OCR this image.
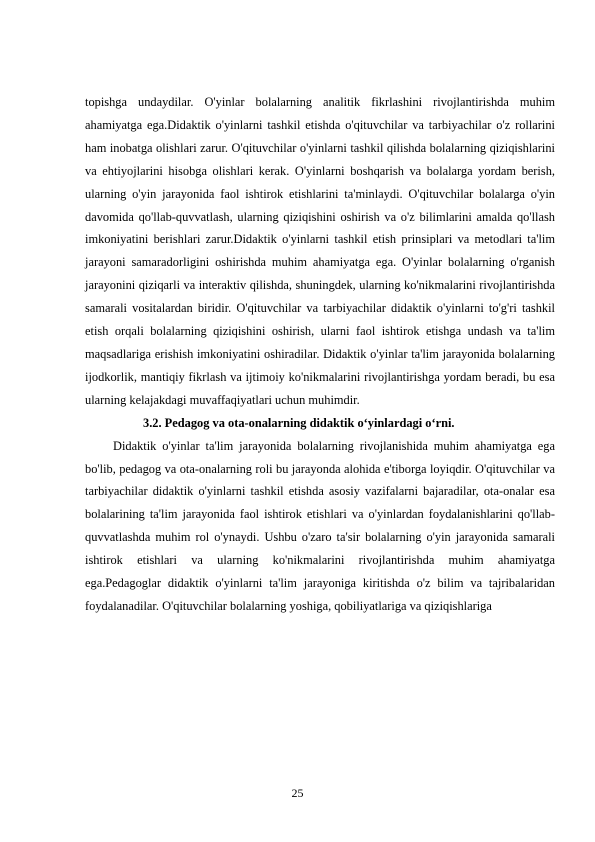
topishga undaydilar. O'yinlar bolalarning analitik fikrlashini rivojlantirishda muhim ahamiyatga ega.Didaktik o'yinlarni tashkil etishda o'qituvchilar va tarbiyachilar o'z rollarini ham inobatga olishlari zarur. O'qituvchilar o'yinlarni tashkil qilishda bolalarning qiziqishlarini va ehtiyojlarini hisobga olishlari kerak. O'yinlarni boshqarish va bolalarga yordam berish, ularning o'yin jarayonida faol ishtirok etishlarini ta'minlaydi. O'qituvchilar bolalarga o'yin davomida qo'llab-quvvatlash, ularning qiziqishini oshirish va o'z bilimlarini amalda qo'llash imkoniyatini berishlari zarur.Didaktik o'yinlarni tashkil etish prinsiplari va metodlari ta'lim jarayoni samaradorligini oshirishda muhim ahamiyatga ega. O'yinlar bolalarning o'rganish jarayonini qiziqarli va interaktiv qilishda, shuningdek, ularning ko'nikmalarini rivojlantirishda samarali vositalardan biridir. O'qituvchilar va tarbiyachilar didaktik o'yinlarni to'g'ri tashkil etish orqali bolalarning qiziqishini oshirish, ularni faol ishtirok etishga undash va ta'lim maqsadlariga erishish imkoniyatini oshiradilar. Didaktik o'yinlar ta'lim jarayonida bolalarning ijodkorlik, mantiqiy fikrlash va ijtimoiy ko'nikmalarini rivojlantirishga yordam beradi, bu esa ularning kelajakdagi muvaffaqiyatlari uchun muhimdir.

3.2. Pedagog va ota-onalarning didaktik o‘yinlardagi o‘rni.

Didaktik o'yinlar ta'lim jarayonida bolalarning rivojlanishida muhim ahamiyatga ega bo'lib, pedagog va ota-onalarning roli bu jarayonda alohida e'tiborga loyiqdir. O'qituvchilar va tarbiyachilar didaktik o'yinlarni tashkil etishda asosiy vazifalarni bajaradilar, ota-onalar esa bolalarining ta'lim jarayonida faol ishtirok etishlari va o'yinlardan foydalanishlarini qo'llab-quvvatlashda muhim rol o'ynaydi. Ushbu o'zaro ta'sir bolalarning o'yin jarayonida samarali ishtirok etishlari va ularning ko'nikmalarini rivojlantirishda muhim ahamiyatga ega.Pedagoglar didaktik o'yinlarni ta'lim jarayoniga kiritishda o'z bilim va tajribalaridan foydalanadilar. O'qituvchilar bolalarning yoshiga, qobiliyatlariga va qiziqishlariga

25
